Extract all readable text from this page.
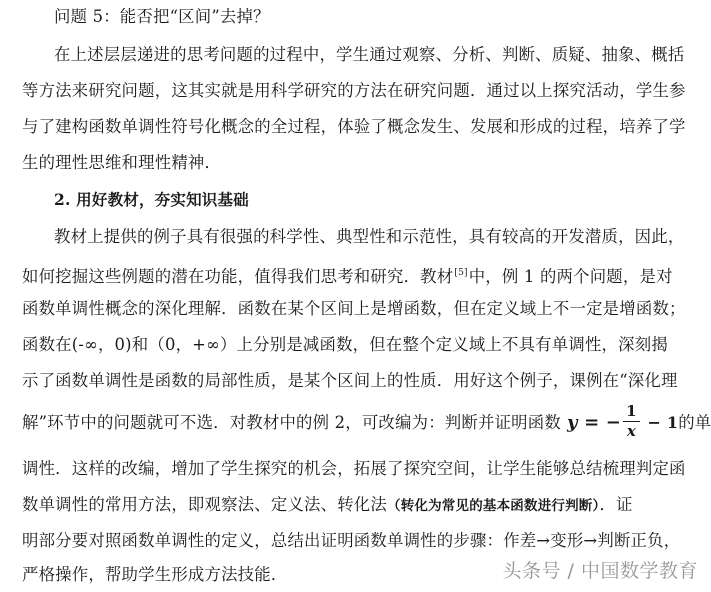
问题 5：能否把“区间”去掉？
在上述层层递进的思考问题的过程中，学生通过观察、分析、判断、质疑、抽象、概括
等方法来研究问题，这其实就是用科学研究的方法在研究问题．通过以上探究活动，学生参
与了建构函数单调性符号化概念的全过程，体验了概念发生、发展和形成的过程，培养了学
生的理性思维和理性精神．
2. 用好教材，夯实知识基础
教材上提供的例子具有很强的科学性、典型性和示范性，具有较高的开发潜质，因此，
如何挖掘这些例题的潜在功能，值得我们思考和研究．教材[5]中，例 1 的两个问题，是对
函数单调性概念的深化理解．函数在某个区间上是增函数，但在定义域上不一定是增函数；
函数在(-∞，0)和（0，+∞）上分别是减函数，但在整个定义域上不具有单调性，深刻揭
示了函数单调性是函数的局部性质，是某个区间上的性质．用好这个例子，课例在“深化理
解”环节中的问题就可不选．对教材中的例 2，可改编为：判断并证明函数 y = − $\frac{1}{x} - 1$的单
调性．这样的改编，增加了学生探究的机会，拓展了探究空间，让学生能够总结梳理判定函
数单调性的常用方法，即观察法、定义法、转化法（转化为常见的基本函数进行判断）．证
明部分要对照函数单调性的定义，总结出证明函数单调性的步骤：作差→变形→判断正负，
严格操作，帮助学生形成方法技能．	头条号 / 中国数学教育
